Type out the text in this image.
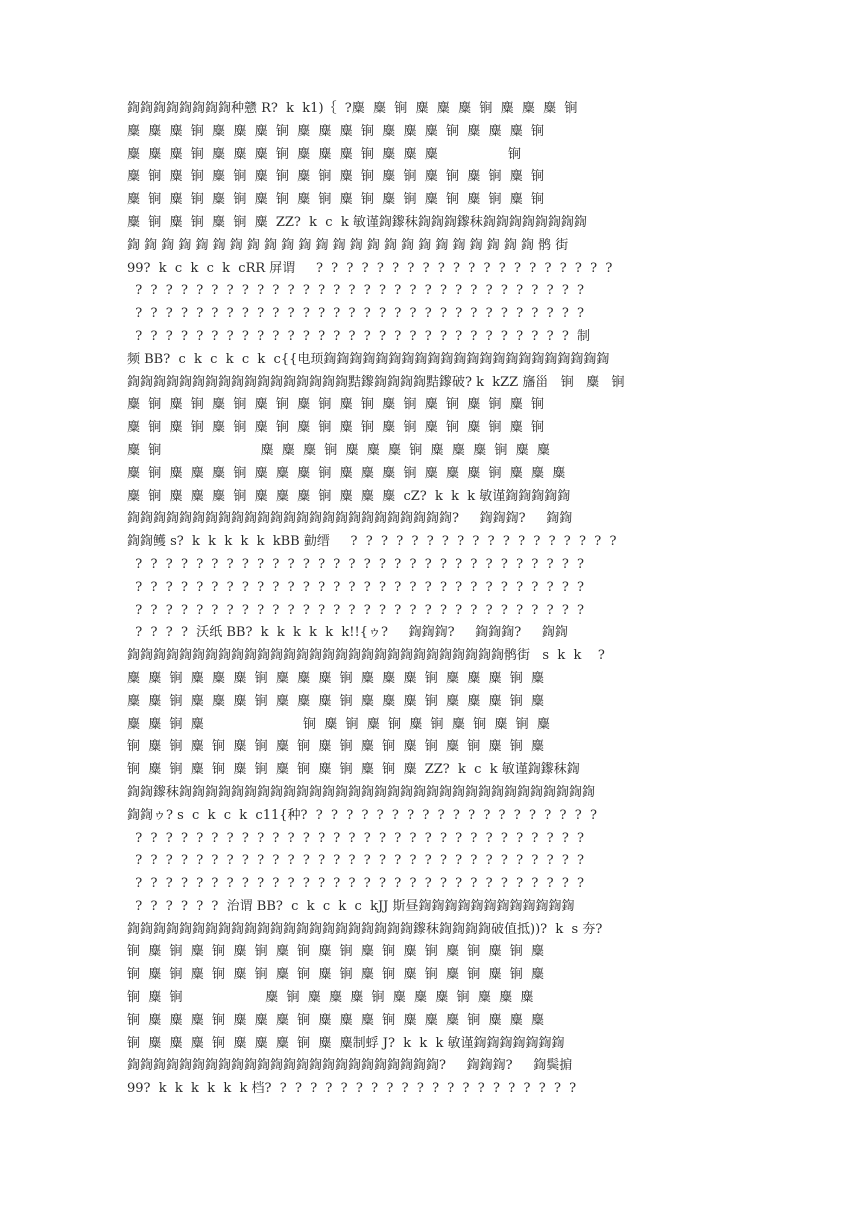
鍧鍧鍧鍧鍧鍧鍧鍧种戆 R?  k  k1)｛  ?麋  麋  锏  麋  麋  麋  锏  麋  麋  麋  锏
麋  麋  麋  锏  麋  麋  麋  锏  麋  麋  麋  锏  麋  麋  麋  锏  麋  麋  麋  锏
麋  麋  麋  锏  麋  麋  麋  锏  麋  麋  麋  锏  麋  麋  麋                 锏
麋  锏  麋  锏  麋  锏  麋  锏  麋  锏  麋  锏  麋  锏  麋  锏  麋  锏  麋  锏
麋  锏  麋  锏  麋  锏  麋  锏  麋  锏  麋  锏  麋  锏  麋  锏  麋  锏  麋  锏
麋  锏  麋  锏  麋  锏  麋  ZZ?  k  c  k 敏谨鍧鑗秣鍧鍧鍧鑗秣鍧鍧鍧鍧鍧鍧鍧鍧
鍧 鍧 鍧 鍧 鍧 鍧 鍧 鍧 鍧 鍧 鍧 鍧 鍧 鍧 鍧 鍧 鍧 鍧 鍧 鍧 鍧 鍧 鍧 鍧 鹘 街
99?  k  c  k  c  k  cRR 屏谓     ?  ?  ?  ?  ?  ?  ?  ?  ?  ?  ?  ?  ?  ?  ?  ?  ?  ?  ?  ?
?  ?  ?  ?  ?  ?  ?  ?  ?  ?  ?  ?  ?  ?  ?  ?  ?  ?  ?  ?  ?  ?  ?  ?  ?  ?  ?  ?  ?  ?
?  ?  ?  ?  ?  ?  ?  ?  ?  ?  ?  ?  ?  ?  ?  ?  ?  ?  ?  ?  ?  ?  ?  ?  ?  ?  ?  ?  ?  ?
?  ?  ?  ?  ?  ?  ?  ?  ?  ?  ?  ?  ?  ?  ?  ?  ?  ?  ?  ?  ?  ?  ?  ?  ?  ?  ?  ?  ?  制
频 BB?  c  k  c  k  c  k  c{{电顼鍧鍧鍧鍧鍧鍧鍧鍧鍧鍧鍧鍧鍧鍧鍧鍧鍧鍧鍧鍧鍧鍧
鍧鍧鍧鍧鍧鍧鍧鍧鍧鍧鍧鍧鍧鍧鍧鍧鍧黠鑗鍧鍧鍧鍧黠鑗破? k  kZZ 旛甾   锏   麋   锏
麋  锏  麋  锏  麋  锏  麋  锏  麋  锏  麋  锏  麋  锏  麋  锏  麋  锏  麋  锏
麋  锏  麋  锏  麋  锏  麋  锏  麋  锏  麋  锏  麋  锏  麋  锏  麋  锏  麋  锏
麋  锏                        麋  麋  麋  锏  麋  麋  麋  锏  麋  麋  麋  锏  麋  麋
麋  锏  麋  麋  麋  锏  麋  麋  麋  锏  麋  麋  麋  锏  麋  麋  麋  锏  麋  麋  麋
麋  锏  麋  麋  麋  锏  麋  麋  麋  锏  麋  麋  麋  cZ?  k  k  k 敏谨鍧鍧鍧鍧鍧
鍧鍧鍧鍧鍧鍧鍧鍧鍧鍧鍧鍧鍧鍧鍧鍧鍧鍧鍧鍧鍧鍧鍧鍧鍧?     鍧鍧鍧?     鍧鍧
鍧鍧鳠 s?  k  k  k  k  k  kBB 勭缙     ?  ?  ?  ?  ?  ?  ?  ?  ?  ?  ?  ?  ?  ?  ?  ?  ?  ?
?  ?  ?  ?  ?  ?  ?  ?  ?  ?  ?  ?  ?  ?  ?  ?  ?  ?  ?  ?  ?  ?  ?  ?  ?  ?  ?  ?  ?  ?
?  ?  ?  ?  ?  ?  ?  ?  ?  ?  ?  ?  ?  ?  ?  ?  ?  ?  ?  ?  ?  ?  ?  ?  ?  ?  ?  ?  ?  ?
?  ?  ?  ?  ?  ?  ?  ?  ?  ?  ?  ?  ?  ?  ?  ?  ?  ?  ?  ?  ?  ?  ?  ?  ?  ?  ?  ?  ?  ?
?  ?  ?  ?  沃纸 BB?  k  k  k  k  k  k!!{ゥ?     鍧鍧鍧?     鍧鍧鍧?     鍧鍧
鍧鍧鍧鍧鍧鍧鍧鍧鍧鍧鍧鍧鍧鍧鍧鍧鍧鍧鍧鍧鍧鍧鍧鍧鍧鍧鍧鍧鍧鹘街   s  k  k    ?
麋  麋  锏  麋  麋  麋  锏  麋  麋  麋  锏  麋  麋  麋  锏  麋  麋  麋  锏  麋
麋  麋  锏  麋  麋  麋  锏  麋  麋  麋  锏  麋  麋  麋  锏  麋  麋  麋  锏  麋
麋  麋  锏  麋                        锏  麋  锏  麋  锏  麋  锏  麋  锏  麋  锏  麋
锏  麋  锏  麋  锏  麋  锏  麋  锏  麋  锏  麋  锏  麋  锏  麋  锏  麋  锏  麋
锏  麋  锏  麋  锏  麋  锏  麋  锏  麋  锏  麋  锏  麋  ZZ?  k  c  k 敏谨鍧鑗秣鍧
鍧鍧鑗秣鍧鍧鍧鍧鍧鍧鍧鍧鍧鍧鍧鍧鍧鍧鍧鍧鍧鍧鍧鍧鍧鍧鍧鍧鍧鍧鍧鍧鍧鍧鍧鍧
鍧鍧ゥ? s  c  k  c  k  c11{种?  ?  ?  ?  ?  ?  ?  ?  ?  ?  ?  ?  ?  ?  ?  ?  ?  ?  ?  ?
?  ?  ?  ?  ?  ?  ?  ?  ?  ?  ?  ?  ?  ?  ?  ?  ?  ?  ?  ?  ?  ?  ?  ?  ?  ?  ?  ?  ?  ?
?  ?  ?  ?  ?  ?  ?  ?  ?  ?  ?  ?  ?  ?  ?  ?  ?  ?  ?  ?  ?  ?  ?  ?  ?  ?  ?  ?  ?  ?
?  ?  ?  ?  ?  ?  ?  ?  ?  ?  ?  ?  ?  ?  ?  ?  ?  ?  ?  ?  ?  ?  ?  ?  ?  ?  ?  ?  ?  ?
?  ?  ?  ?  ?  ?  治谓 BB?  c  k  c  k  c  kJJ 斯昼鍧鍧鍧鍧鍧鍧鍧鍧鍧鍧鍧鍧
鍧鍧鍧鍧鍧鍧鍧鍧鍧鍧鍧鍧鍧鍧鍧鍧鍧鍧鍧鍧鍧鍧鑗秣鍧鍧鍧鍧破值抵))?  k  s 夯?
锏  麋  锏  麋  锏  麋  锏  麋  锏  麋  锏  麋  锏  麋  锏  麋  锏  麋  锏  麋
锏  麋  锏  麋  锏  麋  锏  麋  锏  麋  锏  麋  锏  麋  锏  麋  锏  麋  锏  麋
锏  麋  锏                    麋  锏  麋  麋  麋  锏  麋  麋  麋  锏  麋  麋  麋
锏  麋  麋  麋  锏  麋  麋  麋  锏  麋  麋  麋  锏  麋  麋  麋  锏  麋  麋  麋
锏  麋  麋  麋  锏  麋  麋  麋  锏  麋  麋制蜉 J?  k  k  k 敏谨鍧鍧鍧鍧鍧鍧鍧
鍧鍧鍧鍧鍧鍧鍧鍧鍧鍧鍧鍧鍧鍧鍧鍧鍧鍧鍧鍧鍧鍧鍧鍧?     鍧鍧鍧?     鍧鬓掮
99?  k  k  k  k  k  k 档?  ?  ?  ?  ?  ?  ?  ?  ?  ?  ?  ?  ?  ?  ?  ?  ?  ?  ?  ?  ?
